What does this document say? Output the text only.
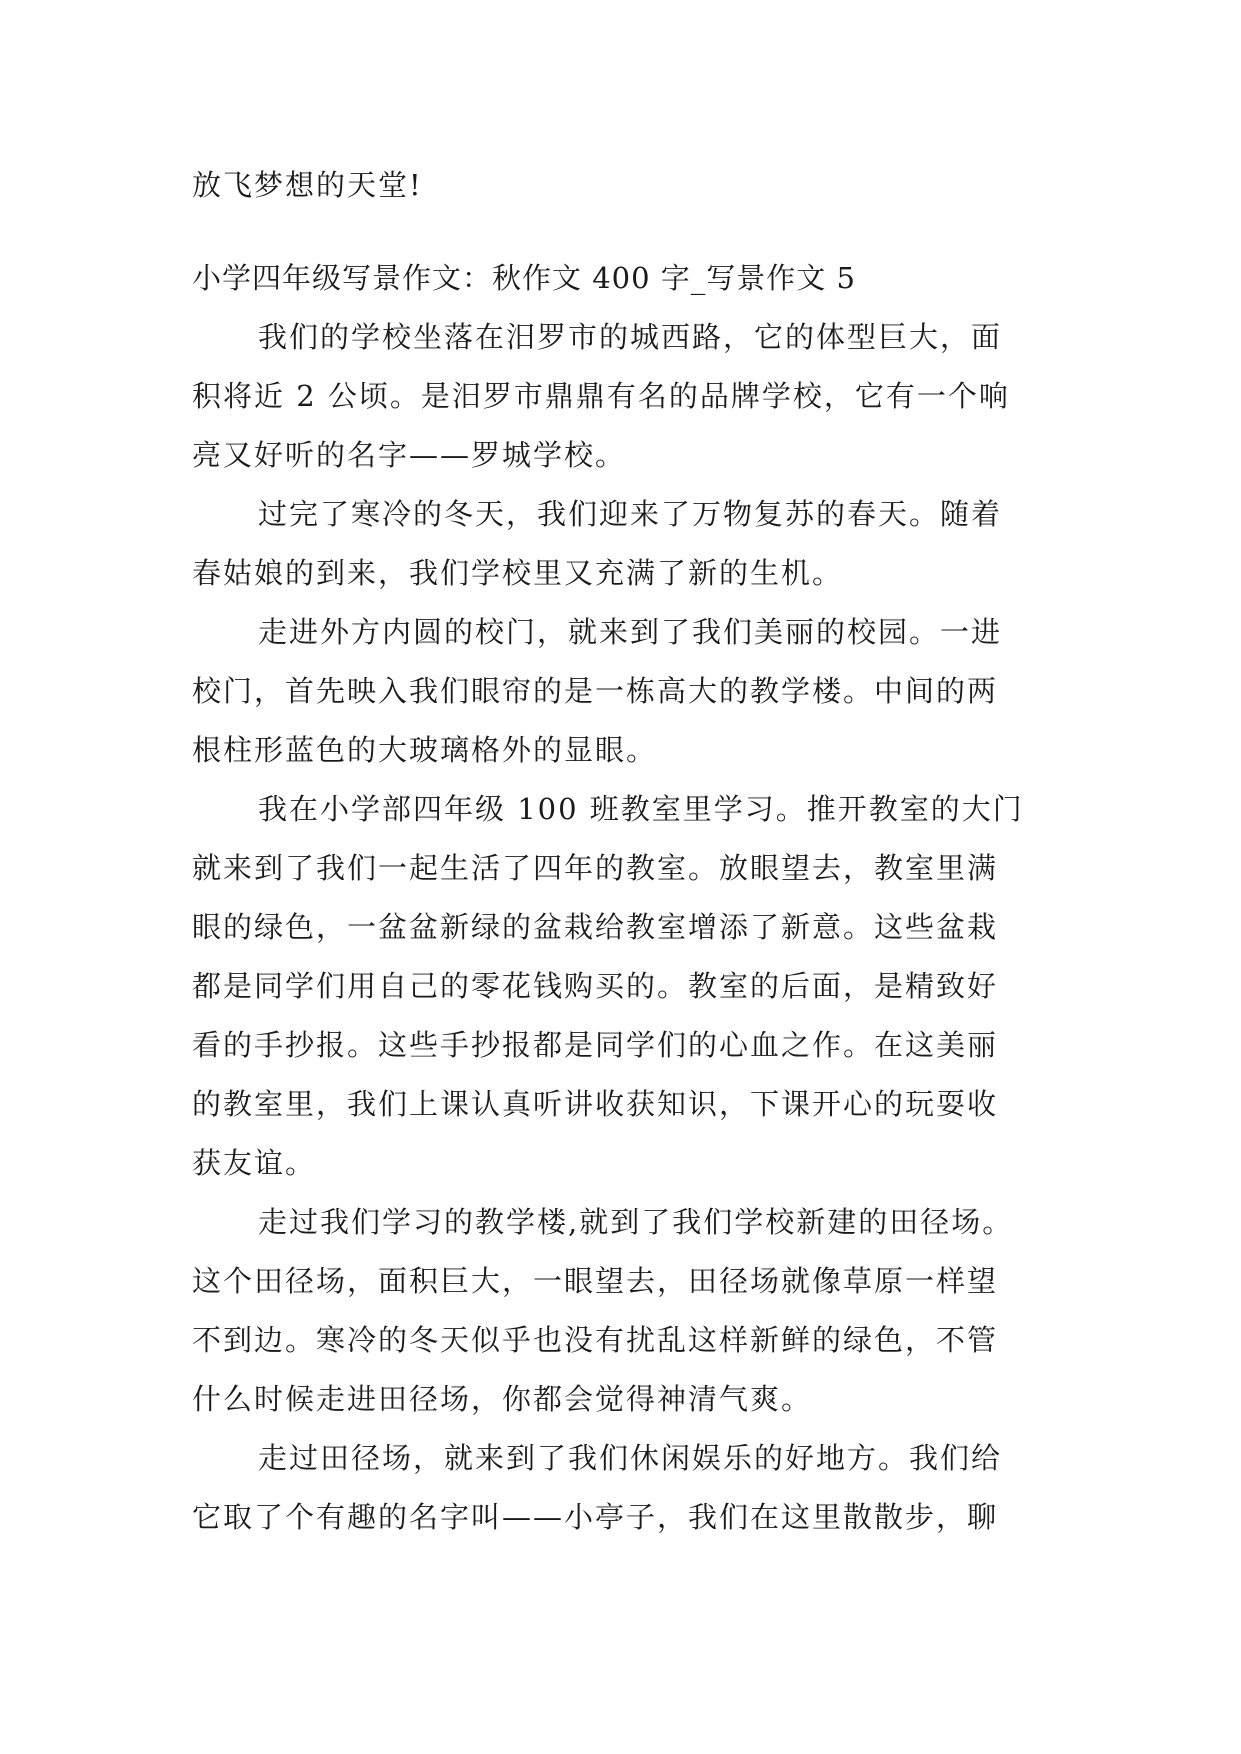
放飞梦想的天堂!
小学四年级写景作文：秋作文 400 字_写景作文 5
我们的学校坐落在汨罗市的城西路，它的体型巨大，面
积将近 2 公顷。是汨罗市鼎鼎有名的品牌学校，它有一个响
亮又好听的名字——罗城学校。
过完了寒冷的冬天，我们迎来了万物复苏的春天。随着
春姑娘的到来，我们学校里又充满了新的生机。
走进外方内圆的校门，就来到了我们美丽的校园。一进
校门，首先映入我们眼帘的是一栋高大的教学楼。中间的两
根柱形蓝色的大玻璃格外的显眼。
我在小学部四年级 100 班教室里学习。推开教室的大门
就来到了我们一起生活了四年的教室。放眼望去，教室里满
眼的绿色，一盆盆新绿的盆栽给教室增添了新意。这些盆栽
都是同学们用自己的零花钱购买的。教室的后面，是精致好
看的手抄报。这些手抄报都是同学们的心血之作。在这美丽
的教室里，我们上课认真听讲收获知识，下课开心的玩耍收
获友谊。
走过我们学习的教学楼,就到了我们学校新建的田径场。
这个田径场，面积巨大，一眼望去，田径场就像草原一样望
不到边。寒冷的冬天似乎也没有扰乱这样新鲜的绿色，不管
什么时候走进田径场，你都会觉得神清气爽。
走过田径场，就来到了我们休闲娱乐的好地方。我们给
它取了个有趣的名字叫——小亭子，我们在这里散散步，聊
